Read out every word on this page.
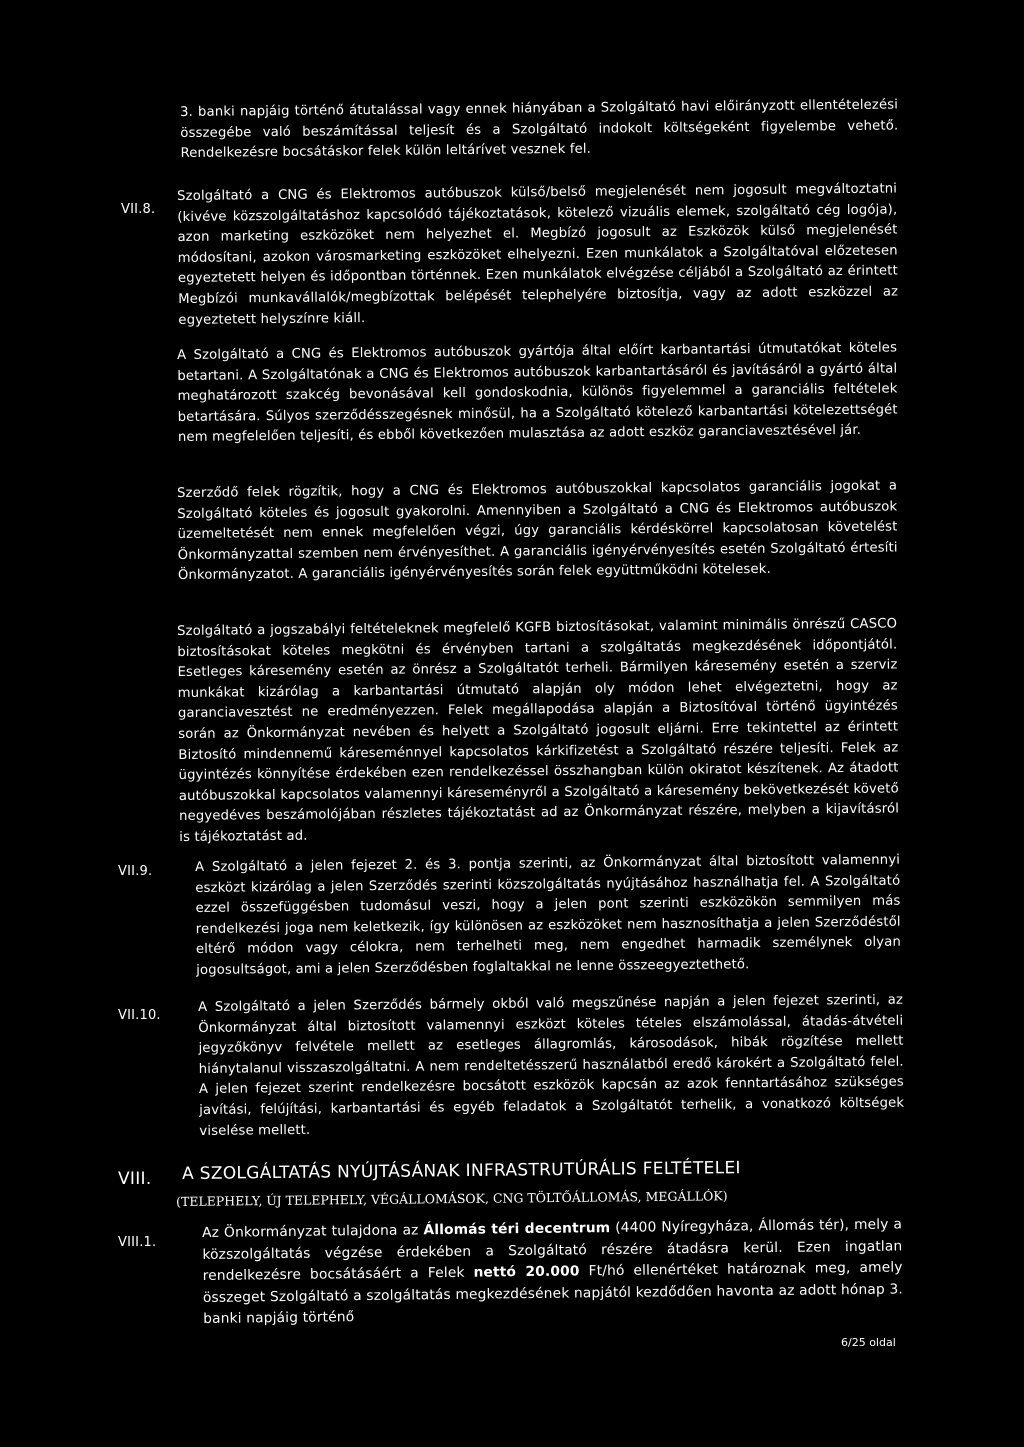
3. banki napjáig történő átutalással vagy ennek hiányában a Szolgáltató havi előirányzott ellentételezési összegébe való beszámítással teljesít és a Szolgáltató indokolt költségeként figyelembe vehető. Rendelkezésre bocsátáskor felek külön leltárívet vesznek fel.

VII.8.

Szolgáltató a CNG és Elektromos autóbuszok külső/belső megjelenését nem jogosult megváltoztatni (kivéve közszolgáltatáshoz kapcsolódó tájékoztatások, kötelező vizuális elemek, szolgáltató cég logója), azon marketing eszközöket nem helyezhet el. Megbízó jogosult az Eszközök külső megjelenését módosítani, azokon városmarketing eszközöket elhelyezni. Ezen munkálatok a Szolgáltatóval előzetesen egyeztetett helyen és időpontban történnek. Ezen munkálatok elvégzése céljából a Szolgáltató az érintett Megbízói munkavállalók/megbízottak belépését telephelyére biztosítja, vagy az adott eszközzel az egyeztetett helyszínre kiáll.

A Szolgáltató a CNG és Elektromos autóbuszok gyártója által előírt karbantartási útmutatókat köteles betartani. A Szolgáltatónak a CNG és Elektromos autóbuszok karbantartásáról és javításáról a gyártó által meghatározott szakcég bevonásával kell gondoskodnia, különös figyelemmel a garanciális feltételek betartására. Súlyos szerződésszegésnek minősül, ha a Szolgáltató kötelező karbantartási kötelezettségét nem megfelelően teljesíti, és ebből következően mulasztása az adott eszköz garanciavesztésével jár.

Szerződő felek rögzítik, hogy a CNG és Elektromos autóbuszokkal kapcsolatos garanciális jogokat a Szolgáltató köteles és jogosult gyakorolni. Amennyiben a Szolgáltató a CNG és Elektromos autóbuszok üzemeltetését nem ennek megfelelően végzi, úgy garanciális kérdéskörrel kapcsolatosan követelést Önkormányzattal szemben nem érvényesíthet. A garanciális igényérvényesítés esetén Szolgáltató értesíti Önkormányzatot. A garanciális igényérvényesítés során felek együttműködni kötelesek.

Szolgáltató a jogszabályi feltételeknek megfelelő KGFB biztosításokat, valamint minimális önrészű CASCO biztosításokat köteles megkötni és érvényben tartani a szolgáltatás megkezdésének időpontjától. Esetleges káresemény esetén az önrész a Szolgáltatót terheli. Bármilyen káresemény esetén a szerviz munkákat kizárólag a karbantartási útmutató alapján oly módon lehet elvégeztetni, hogy az garanciavesztést ne eredményezzen. Felek megállapodása alapján a Biztosítóval történő ügyintézés során az Önkormányzat nevében és helyett a Szolgáltató jogosult eljárni. Erre tekintettel az érintett Biztosító mindennemű káreseménnyel kapcsolatos kárkifizetést a Szolgáltató részére teljesíti. Felek az ügyintézés könnyítése érdekében ezen rendelkezéssel összhangban külön okiratot készítenek. Az átadott autóbuszokkal kapcsolatos valamennyi káreseményről a Szolgáltató a káresemény bekövetkezését követő negyedéves beszámolójában részletes tájékoztatást ad az Önkormányzat részére, melyben a kijavításról is tájékoztatást ad.

VII.9.	A Szolgáltató a jelen fejezet 2. és 3. pontja szerinti, az Önkormányzat által biztosított valamennyi eszközt kizárólag a jelen Szerződés szerinti közszolgáltatás nyújtásához használhatja fel. A Szolgáltató ezzel összefüggésben tudomásul veszi, hogy a jelen pont szerinti eszközökön semmilyen más rendelkezési joga nem keletkezik, így különösen az eszközöket nem hasznosíthatja a jelen Szerződéstől eltérő módon vagy célokra, nem terhelheti meg, nem engedhet harmadik személynek olyan jogosultságot, ami a jelen Szerződésben foglaltakkal ne lenne összeegyeztethető.

VII.10.

A Szolgáltató a jelen Szerződés bármely okból való megszűnése napján a jelen fejezet szerinti, az Önkormányzat által biztosított valamennyi eszközt köteles tételes elszámolással, átadás-átvételi jegyzőkönyv felvétele mellett az esetleges állagromlás, károsodások, hibák rögzítése mellett hiánytalanul visszaszolgáltatni. A nem rendeltetésszerű használatból eredő károkért a Szolgáltató felel. A jelen fejezet szerint rendelkezésre bocsátott eszközök kapcsán az azok fenntartásához szükséges javítási, felújítási, karbantartási és egyéb feladatok a Szolgáltatót terhelik, a vonatkozó költségek viselése mellett.

VIII. A SZOLGÁLTATÁS NYÚJTÁSÁNAK INFRASTRUTÚRÁLIS FELTÉTELEI
(TELEPHELY, ÚJ TELEPHELY, VÉGÁLLOMÁSOK, CNG TÖLTŐÁLLOMÁS, MEGÁLLÓK)
VIII.1.

Az Önkormányzat tulajdona az Állomás téri decentrum (4400 Nyíregyháza, Állomás tér), mely a közszolgáltatás végzése érdekében a Szolgáltató részére átadásra kerül. Ezen ingatlan rendelkezésre bocsátásáért a Felek nettó 20.000 Ft/hó ellenértéket határoznak meg, amely összeget Szolgáltató a szolgáltatás megkezdésének napjától kezdődően havonta az adott hónap 3. banki napjáig történő

6/25 oldal
